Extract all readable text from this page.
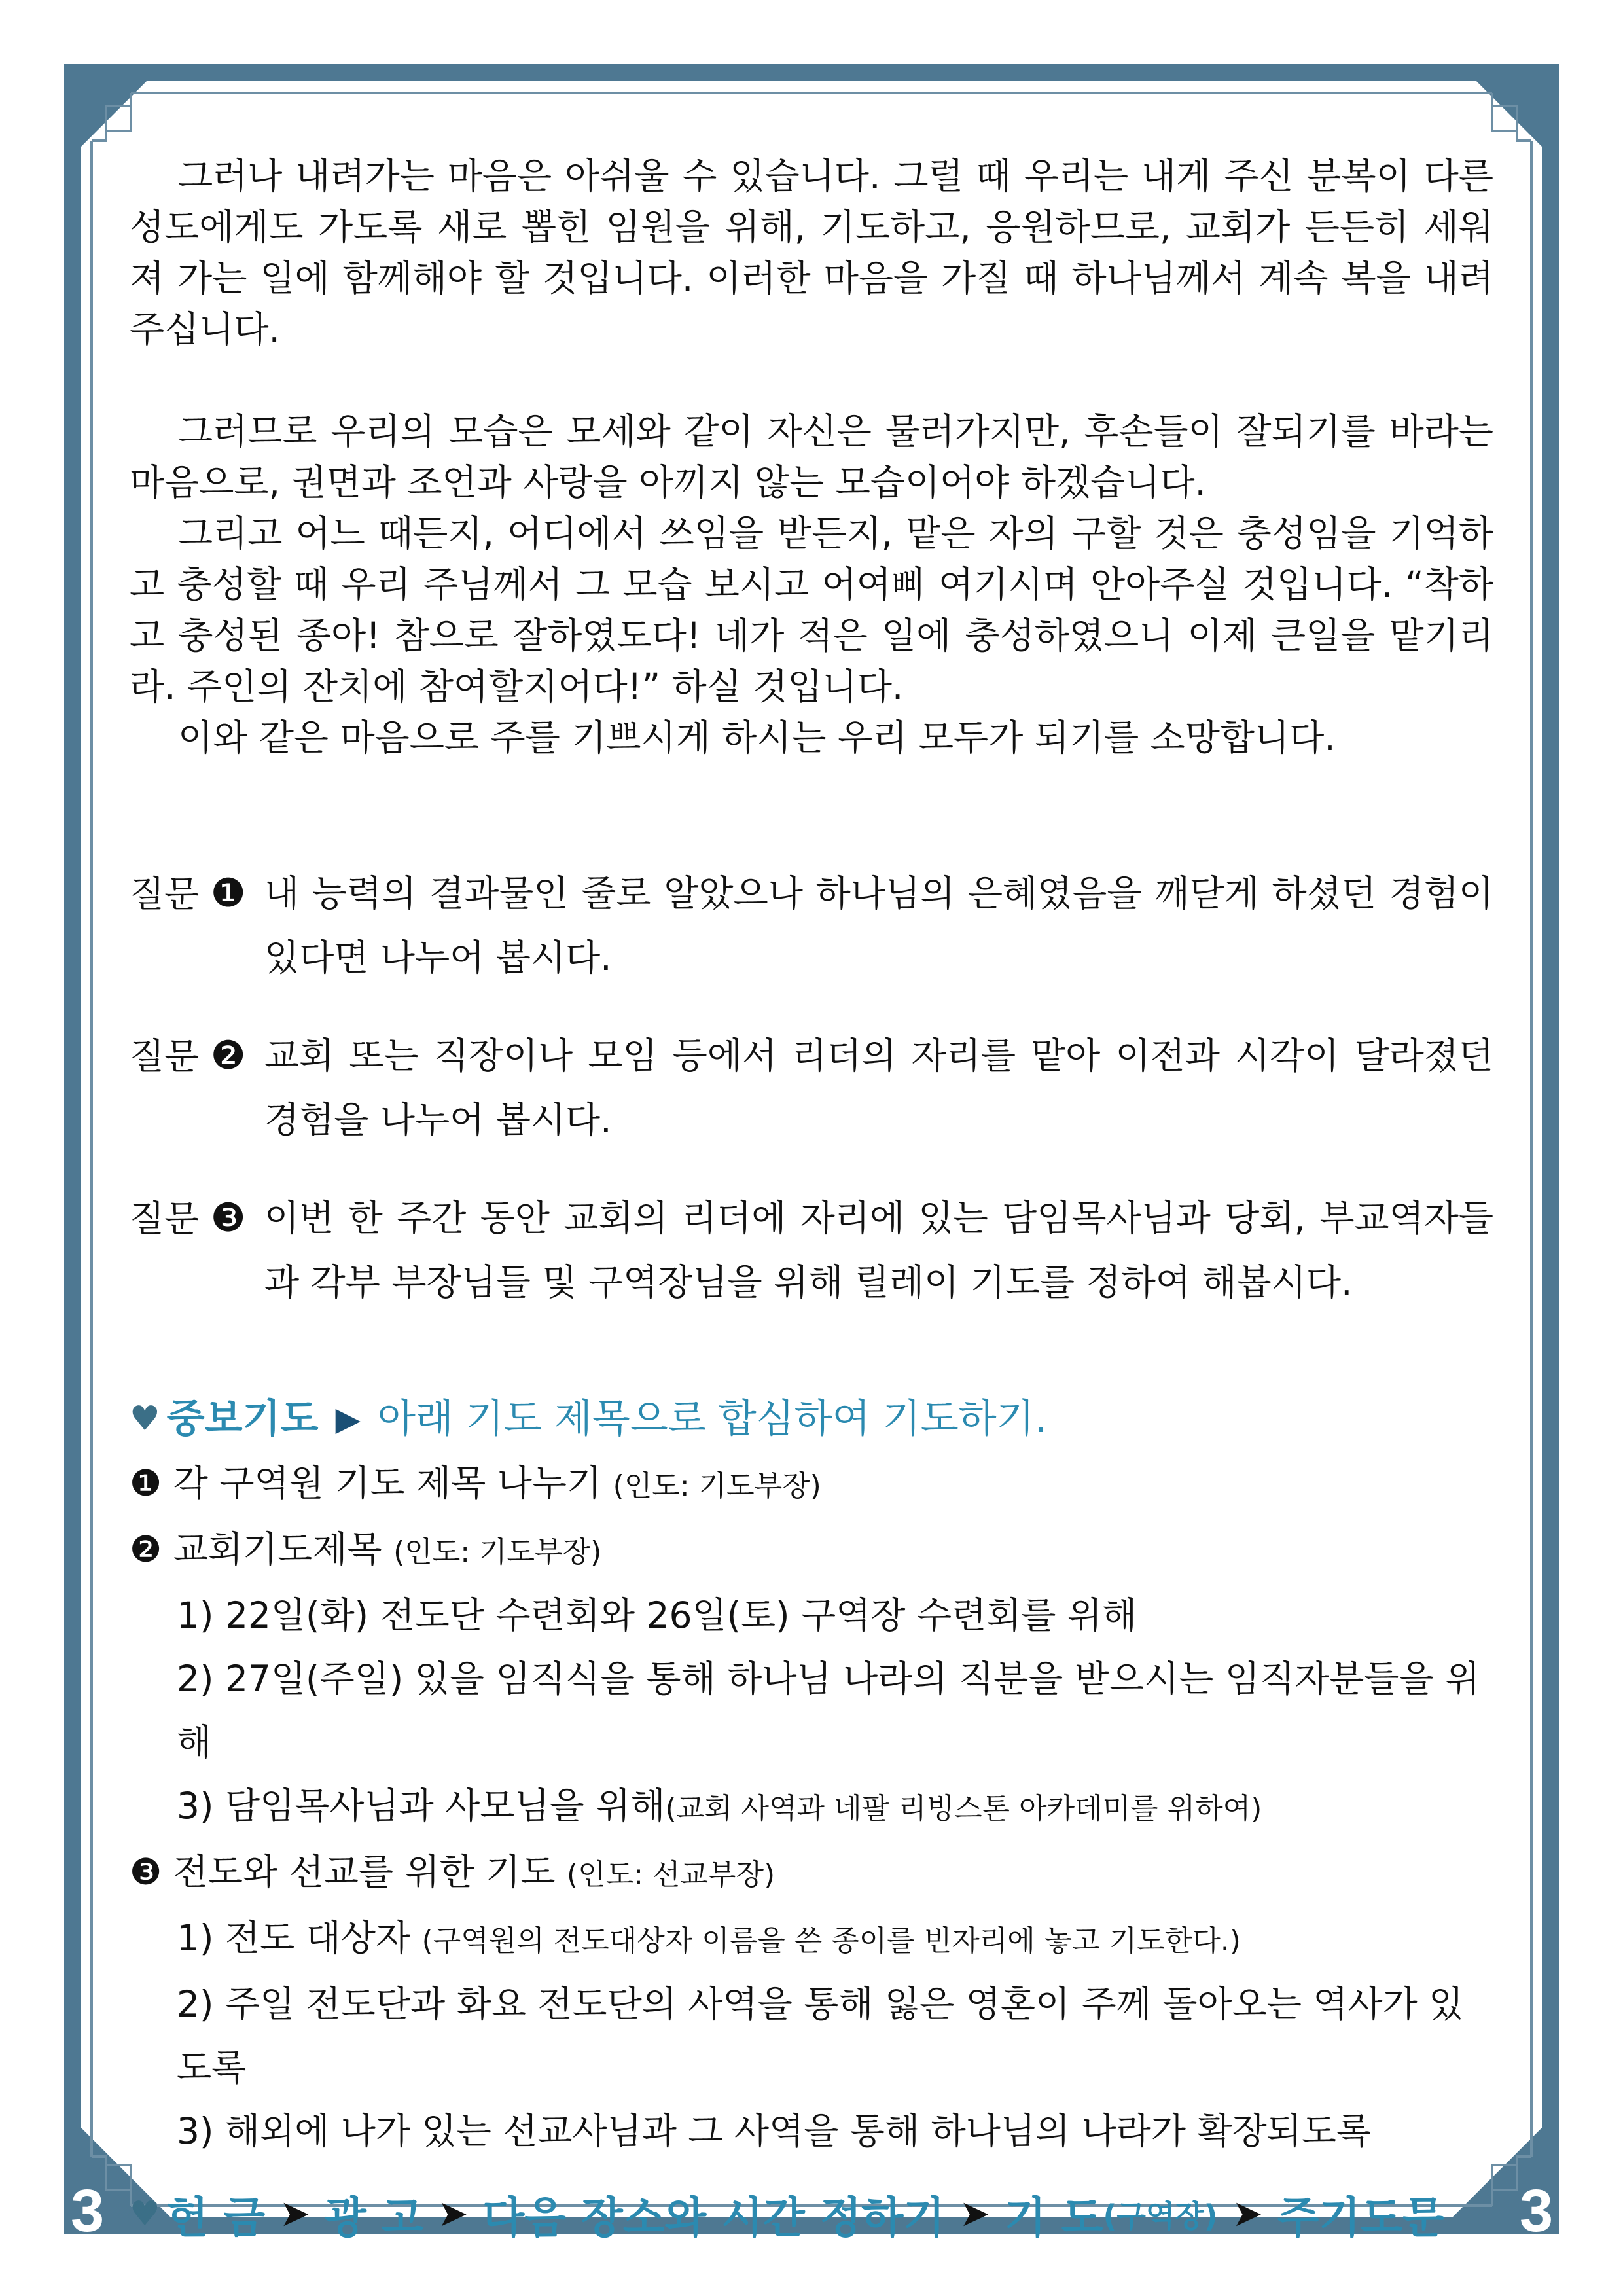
3	3

그러나 내려가는 마음은 아쉬울 수 있습니다. 그럴 때 우리는 내게 주신 분복이 다른 성도에게도 가도록 새로 뽑힌 임원을 위해, 기도하고, 응원하므로, 교회가 든든히 세워져 가는 일에 함께해야 할 것입니다. 이러한 마음을 가질 때 하나님께서 계속 복을 내려주십니다.

그러므로 우리의 모습은 모세와 같이 자신은 물러가지만, 후손들이 잘되기를 바라는 마음으로, 권면과 조언과 사랑을 아끼지 않는 모습이어야 하겠습니다.

그리고 어느 때든지, 어디에서 쓰임을 받든지, 맡은 자의 구할 것은 충성임을 기억하고 충성할 때 우리 주님께서 그 모습 보시고 어여삐 여기시며 안아주실 것입니다. “착하고 충성된 종아! 참으로 잘하였도다! 네가 적은 일에 충성하였으니 이제 큰일을 맡기리라. 주인의 잔치에 참여할지어다!” 하실 것입니다.

이와 같은 마음으로 주를 기쁘시게 하시는 우리 모두가 되기를 소망합니다.

질문 ❶ 내 능력의 결과물인 줄로 알았으나 하나님의 은혜였음을 깨닫게 하셨던 경험이 있다면 나누어 봅시다.
질문 ❷ 교회 또는 직장이나 모임 등에서 리더의 자리를 맡아 이전과 시각이 달라졌던 경험을 나누어 봅시다.
질문 ❸ 이번 한 주간 동안 교회의 리더에 자리에 있는 담임목사님과 당회, 부교역자들과 각부 부장님들 및 구역장님을 위해 릴레이 기도를 정하여 해봅시다.
♥ 중보기도 ▶ 아래 기도 제목으로 합심하여 기도하기.
❶ 각 구역원 기도 제목 나누기 (인도: 기도부장)
❷ 교회기도제목 (인도: 기도부장)
1) 22일(화) 전도단 수련회와 26일(토) 구역장 수련회를 위해
2) 27일(주일) 있을 임직식을 통해 하나님 나라의 직분을 받으시는 임직자분들을 위해
3) 담임목사님과 사모님을 위해(교회 사역과 네팔 리빙스톤 아카데미를 위하여)
❸ 전도와 선교를 위한 기도 (인도: 선교부장)
1) 전도 대상자 (구역원의 전도대상자 이름을 쓴 종이를 빈자리에 놓고 기도한다.)
2) 주일 전도단과 화요 전도단의 사역을 통해 잃은 영혼이 주께 돌아오는 역사가 있도록
3) 해외에 나가 있는 선교사님과 그 사역을 통해 하나님의 나라가 확장되도록
♥ 헌 금 ➤ 광 고 ➤ 다음 장소와 시간 정하기 ➤ 기 도 (구역장) ➤ 주기도문
